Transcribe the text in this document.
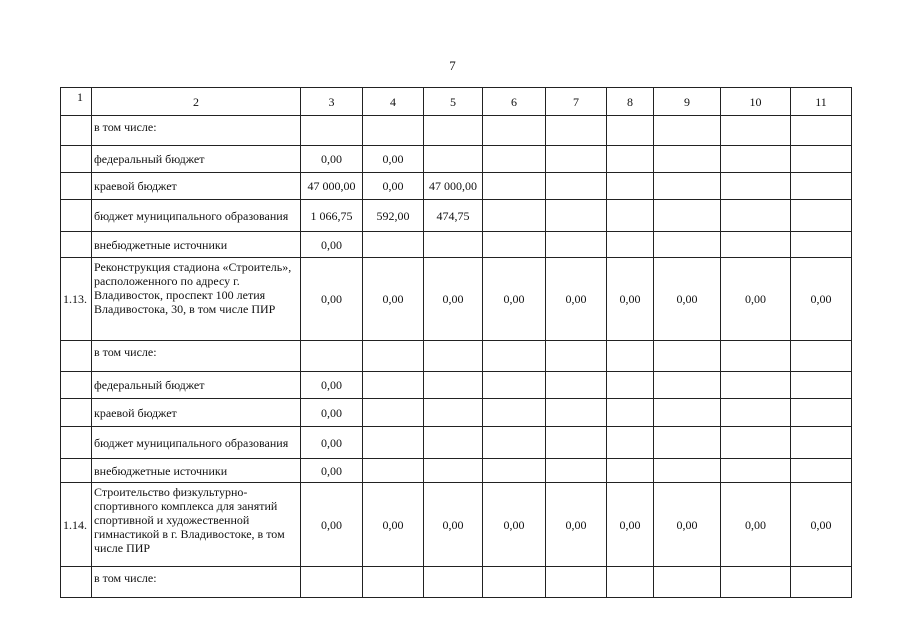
7
1	2	3	4	5	6	7	8	9	10	11
	в том числе:									
	федеральный бюджет	0,00	0,00							
	краевой бюджет	47 000,00	0,00	47 000,00						
	бюджет муниципального образования	1 066,75	592,00	474,75						
	внебюджетные источники	0,00								
1.13.	Реконструкция стадиона «Строитель», расположенного по адресу г. Владивосток, проспект 100 летия Владивостока, 30, в том числе ПИР	0,00	0,00	0,00	0,00	0,00	0,00	0,00	0,00	0,00
	в том числе:									
	федеральный бюджет	0,00								
	краевой бюджет	0,00								
	бюджет муниципального образования	0,00								
	внебюджетные источники	0,00								
1.14.	Строительство физкультурно-спортивного комплекса для занятий спортивной и художественной гимнастикой в г. Владивостоке, в том числе ПИР	0,00	0,00	0,00	0,00	0,00	0,00	0,00	0,00	0,00
	в том числе:									
